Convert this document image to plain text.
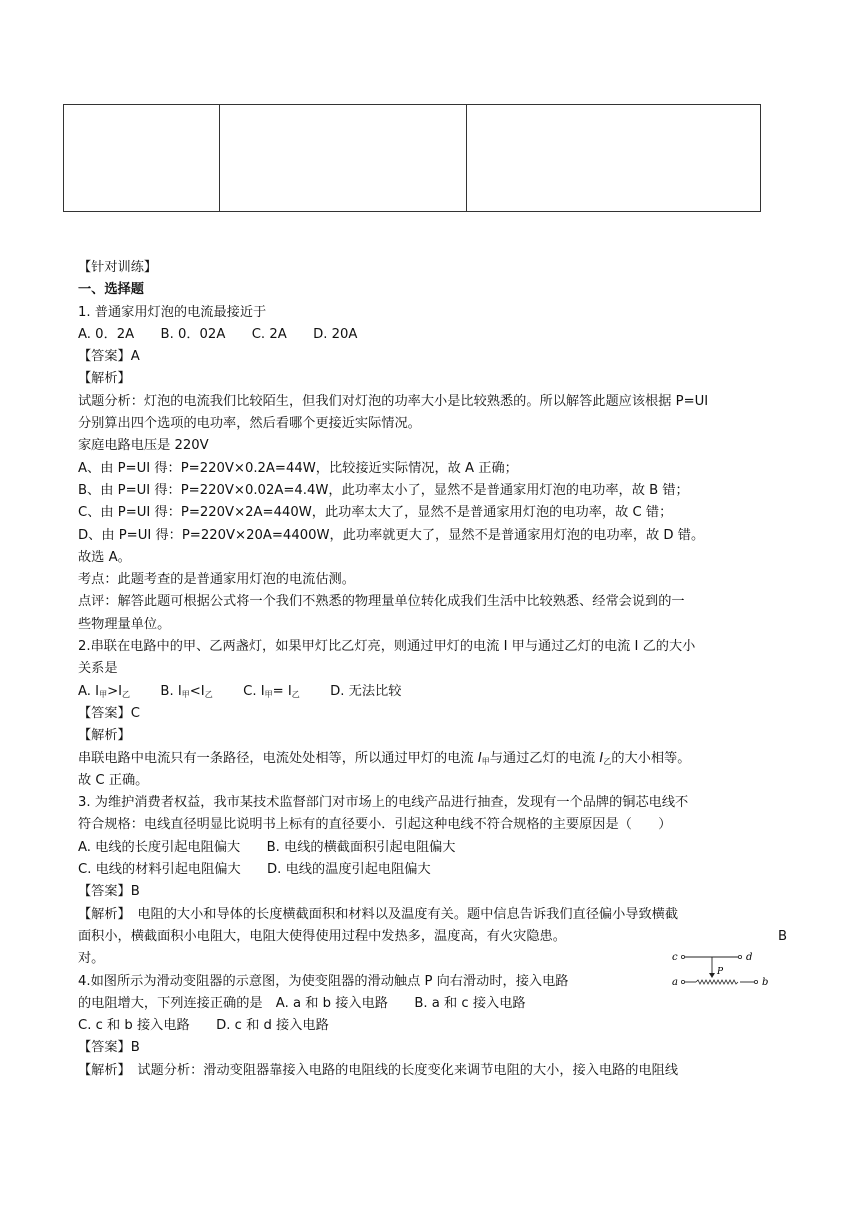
【针对训练】
一、选择题
1. 普通家用灯泡的电流最接近于
A. 0．2A　　B. 0．02A　　C. 2A　　D. 20A
【答案】A
【解析】
试题分析：灯泡的电流我们比较陌生，但我们对灯泡的功率大小是比较熟悉的。所以解答此题应该根据 P=UI
分别算出四个选项的电功率，然后看哪个更接近实际情况。
家庭电路电压是 220V
A、由 P=UI 得：P=220V×0.2A=44W，比较接近实际情况，故 A 正确；
B、由 P=UI 得：P=220V×0.02A=4.4W，此功率太小了，显然不是普通家用灯泡的电功率，故 B 错；
C、由 P=UI 得：P=220V×2A=440W，此功率太大了，显然不是普通家用灯泡的电功率，故 C 错；
D、由 P=UI 得：P=220V×20A=4400W，此功率就更大了，显然不是普通家用灯泡的电功率，故 D 错。
故选 A。
考点：此题考查的是普通家用灯泡的电流估测。
点评：解答此题可根据公式将一个我们不熟悉的物理量单位转化成我们生活中比较熟悉、经常会说到的一
些物理量单位。
2.串联在电路中的甲、乙两盏灯，如果甲灯比乙灯亮，则通过甲灯的电流 I 甲与通过乙灯的电流 I 乙的大小
关系是
A. $I_甲>I_乙$ B. $I_甲<I_乙$ C. $I_甲= I_乙$ D. 无法比较
【答案】C
【解析】
串联电路中电流只有一条路径，电流处处相等，所以通过甲灯的电流 $I_甲$与通过乙灯的电流 $I_乙$的大小相等。
故 C 正确。
3. 为维护消费者权益，我市某技术监督部门对市场上的电线产品进行抽查，发现有一个品牌的铜芯电线不
符合规格：电线直径明显比说明书上标有的直径要小．引起这种电线不符合规格的主要原因是（　　）
A. 电线的长度引起电阻偏大　　B. 电线的横截面积引起电阻偏大
C. 电线的材料引起电阻偏大　　D. 电线的温度引起电阻偏大
【答案】B
【解析】　电阻的大小和导体的长度横截面积和材料以及温度有关。题中信息告诉我们直径偏小导致横截
面积小，横截面积小电阻大，电阻大使得使用过程中发热多，温度高，有火灾隐患。	B
对。
4.如图所示为滑动变阻器的示意图，为使变阻器的滑动触点 P 向右滑动时，接入电路
的电阻增大，下列连接正确的是　A. a 和 b 接入电路　　B. a 和 c 接入电路
C. c 和 b 接入电路　　D. c 和 d 接入电路
【答案】B
【解析】　试题分析：滑动变阻器靠接入电路的电阻线的长度变化来调节电阻的大小，接入电路的电阻线
c	d
P
a	b
